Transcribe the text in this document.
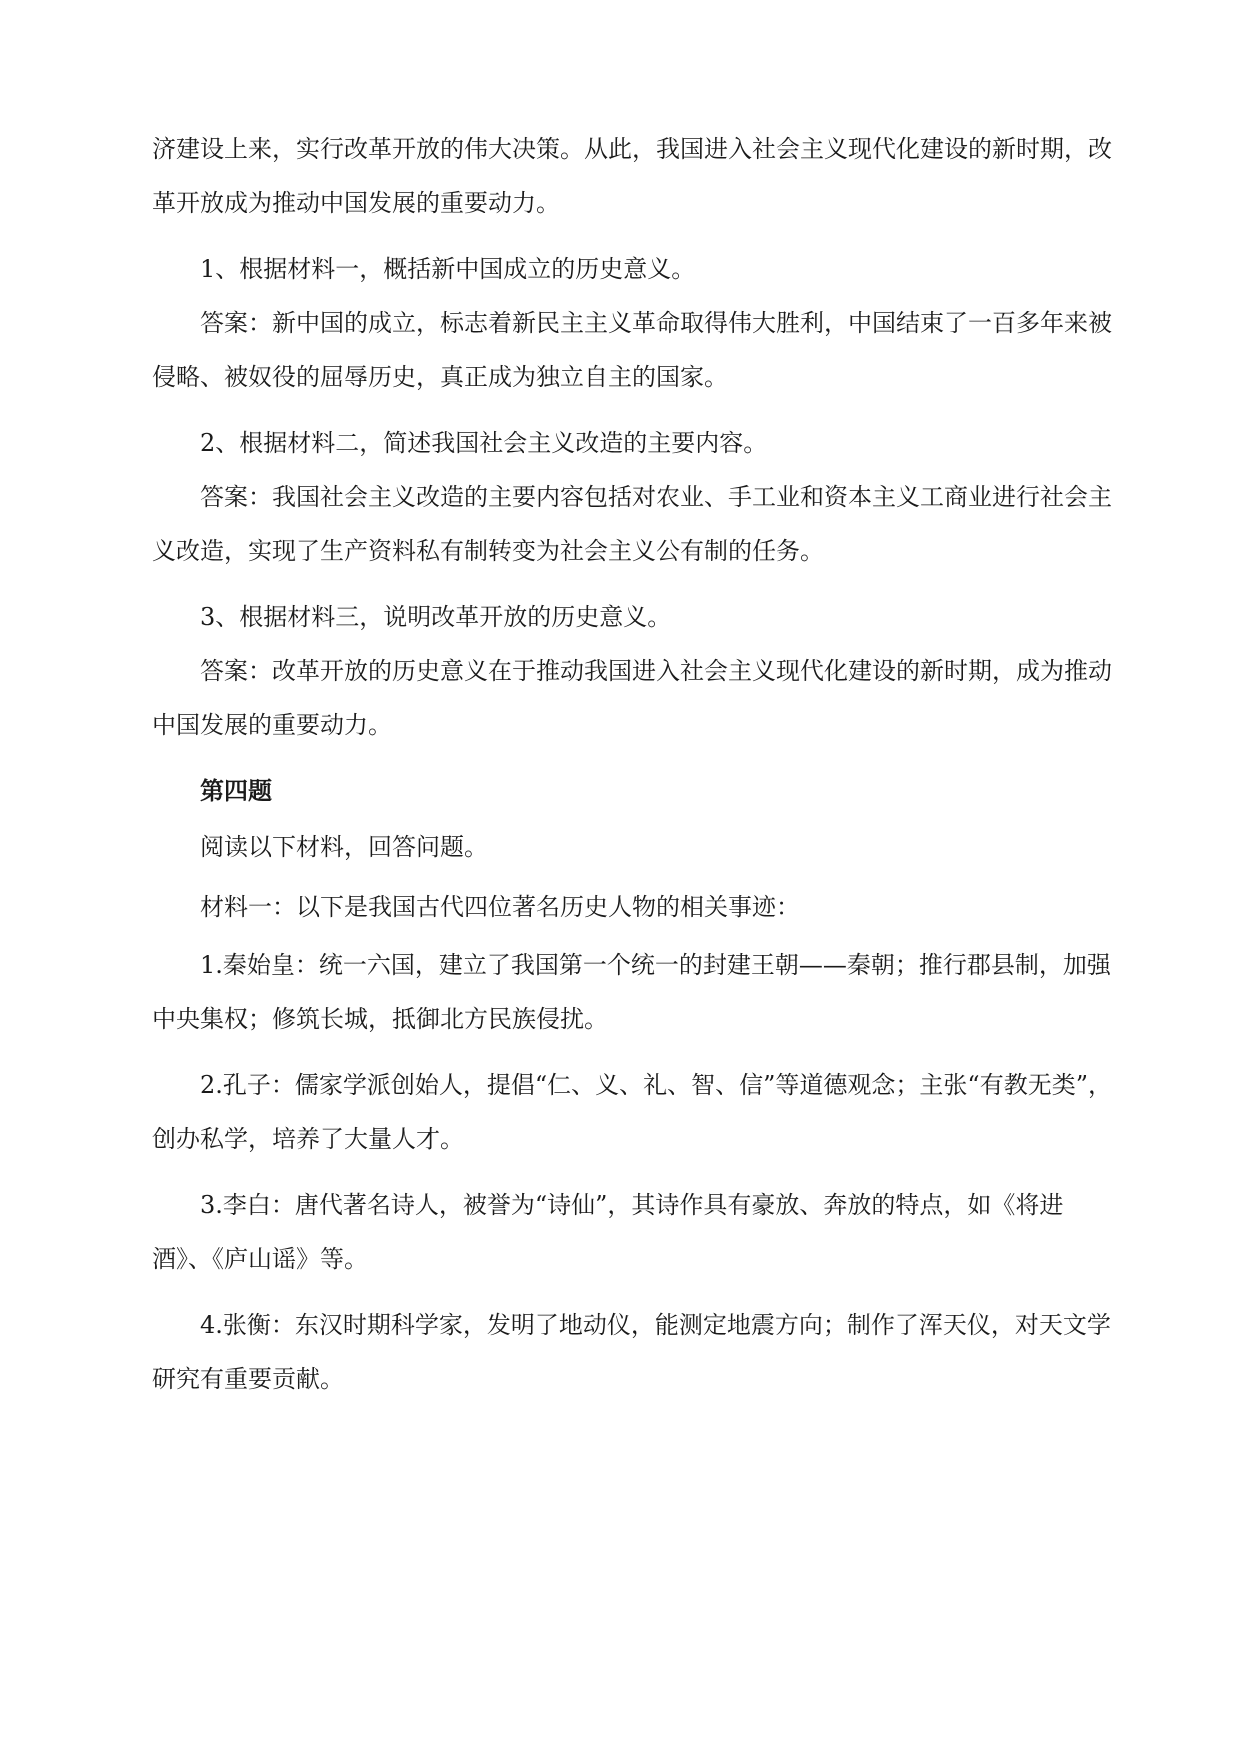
济建设上来，实行改革开放的伟大决策。从此，我国进入社会主义现代化建设的新时期，改革开放成为推动中国发展的重要动力。

1、根据材料一，概括新中国成立的历史意义。

答案：新中国的成立，标志着新民主主义革命取得伟大胜利，中国结束了一百多年来被侵略、被奴役的屈辱历史，真正成为独立自主的国家。

2、根据材料二，简述我国社会主义改造的主要内容。

答案：我国社会主义改造的主要内容包括对农业、手工业和资本主义工商业进行社会主义改造，实现了生产资料私有制转变为社会主义公有制的任务。

3、根据材料三，说明改革开放的历史意义。

答案：改革开放的历史意义在于推动我国进入社会主义现代化建设的新时期，成为推动中国发展的重要动力。

第四题

阅读以下材料，回答问题。

材料一：以下是我国古代四位著名历史人物的相关事迹：

1.秦始皇：统一六国，建立了我国第一个统一的封建王朝——秦朝；推行郡县制，加强中央集权；修筑长城，抵御北方民族侵扰。

2.孔子：儒家学派创始人，提倡“仁、义、礼、智、信”等道德观念；主张“有教无类”，创办私学，培养了大量人才。

3.李白：唐代著名诗人，被誉为“诗仙”，其诗作具有豪放、奔放的特点，如《将进酒》、《庐山谣》等。

4.张衡：东汉时期科学家，发明了地动仪，能测定地震方向；制作了浑天仪，对天文学研究有重要贡献。
